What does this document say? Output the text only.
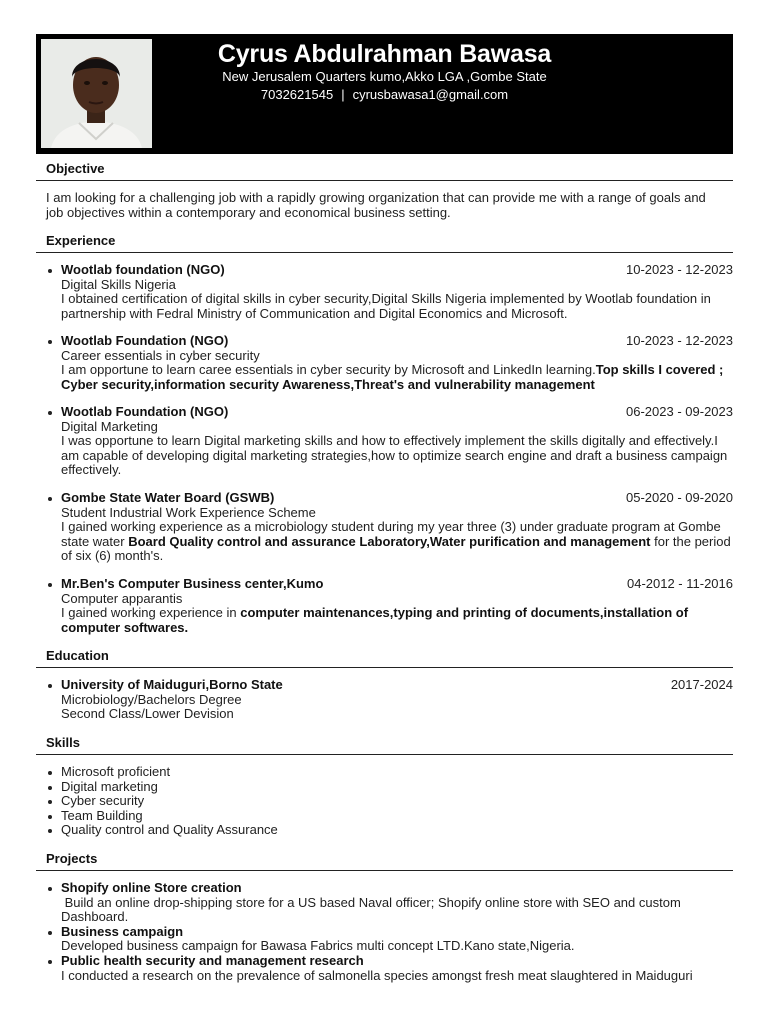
Cyrus Abdulrahman Bawasa
New Jerusalem Quarters kumo,Akko LGA ,Gombe State
7032621545 | cyrusbawasa1@gmail.com
Objective
I am looking for a challenging job with a rapidly growing organization that can provide me with a range of goals and job objectives within a contemporary and economical business setting.
Experience
Wootlab foundation (NGO)	10-2023 - 12-2023
Digital Skills Nigeria
I obtained certification of digital skills in cyber security,Digital Skills Nigeria implemented by Wootlab foundation in partnership with Fedral Ministry of Communication and Digital Economics and Microsoft.
Wootlab Foundation (NGO)	10-2023 - 12-2023
Career essentials in cyber security
I am opportune to learn caree essentials in cyber security by Microsoft and LinkedIn learning.Top skills I covered ; Cyber security,information security Awareness,Threat's and vulnerability management
Wootlab Foundation (NGO)	06-2023 - 09-2023
Digital Marketing
I was opportune to learn Digital marketing skills and how to effectively implement the skills digitally and effectively.I am capable of developing digital marketing strategies,how to optimize search engine and draft a business campaign effectively.
Gombe State Water Board (GSWB)	05-2020 - 09-2020
Student Industrial Work Experience Scheme
I gained working experience as a microbiology student during my year three (3) under graduate program at Gombe state water Board Quality control and assurance Laboratory,Water purification and management for the period of six (6) month's.
Mr.Ben's Computer Business center,Kumo	04-2012 - 11-2016
Computer apparantis
I gained working experience in computer maintenances,typing and printing of documents,installation of computer softwares.
Education
University of Maiduguri,Borno State	2017-2024
Microbiology/Bachelors Degree
Second Class/Lower Devision
Skills
Microsoft proficient
Digital marketing
Cyber security
Team Building
Quality control and Quality Assurance
Projects
Shopify online Store creation
Build an online drop-shipping store for a US based Naval officer; Shopify online store with SEO and custom Dashboard.
Business campaign
Developed business campaign for Bawasa Fabrics multi concept LTD.Kano state,Nigeria.
Public health security and management research
I conducted a research on the prevalence of salmonella species amongst fresh meat slaughtered in Maiduguri
